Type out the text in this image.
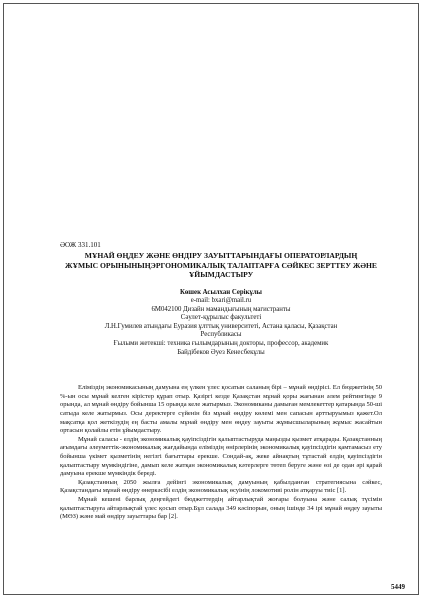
ӘОЖ 331.101
МҰНАЙ ӨҢДЕУ ЖӘНЕ ӨНДІРУ ЗАУЫТТАРЫНДАҒЫ ОПЕРАТОРЛАРДЫҢ
ЖҰМЫС ОРЫНЫНЫҢЭРГОНОМИКАЛЫҚ ТАЛАПТАРҒА СӘЙКЕС ЗЕРТТЕУ ЖӘНЕ
ҰЙЫМДАСТЫРУ
Көшек Асылхан Серікұлы
e-mail: bxari@mail.ru
6М042100 Дизайн мамандығының магистранты
Сәулет-құрылыс факультеті
Л.Н.Гумилев атындағы Еуразия ұлттық университеті, Астана қаласы, Қазақстан
Республикасы
Ғылыми жетекші: техника ғылымдарының докторы, профессор, академик
Байдібеков Әуез Кенесбекұлы

Еліміздің экономикасының дамуына ең үлкен үлес қосатын саланың бірі – мұнай өндірісі. Ел бюджетінің 50 %-ын осы мұнай келген кірістер құрап отыр. Қазіргі кезде Қазақстан мұнай қоры жағынан әлем рейтингінде 9 орында, ал мұнай өндіру бойынша 15 орында келе жатырмыз. Экономиканы дамыған мемлекеттер қатарында 50-ші сатыда келе жатырмыз. Осы деректерге сүйенін біз мұнай өндіру көлемі мен сапасын арттыруымыз қажет.Ол мақсатқа қол жеткізудің ең басты амалы мұнай өндіру мен өңдеу зауыты жұмысшыларының жұмыс жасайтын ортасын қолайлы етін ұйымдастыру.

Мұнай саласы - елдің экономикалық қауіпсіздігін қалыптастыруда маңызды қызмет атқарады. Қазақстанның ағымдағы әлеуметтік-экономикалық жағдайында еліміздің өнірлерінің экономикалық қауіпсіздігін қамтамасыз ету бойынша үкімет қызметінің негізгі бағыттары ерекше. Сондай-ақ, жеке айнақтың тұтастай елдің қауіпсіздігін қалыптастыру мүмкіндігіне, дамып келе жатқан экономикалық кәтерлерге төтеп беруге және өзі де одан әрі қарай дамуына ерекше мүмкіндік береді.

Қазақстанның 2050 жылға дейінгі экономикалық дамуының қабылданған стратегиясына сәйкес, Қазақстандағы мұнай өндіру өнеркәсібі елдің экономикалық өсуінің локомотиві ролін атқаруы тиіс [1].

Мұнай кешені барлық деңгейдегі бюджеттердің айтарлықтай жоғары болуына және салық түсімін қалыптастыруға айтарлықтай үлес қосып отыр.Бұл салада 349 кәсіпорын, оның ішінде 34 ірі мұнай өңдеу зауыты (МӨЗ) және май өндіру зауыттары бар [2].

5449
